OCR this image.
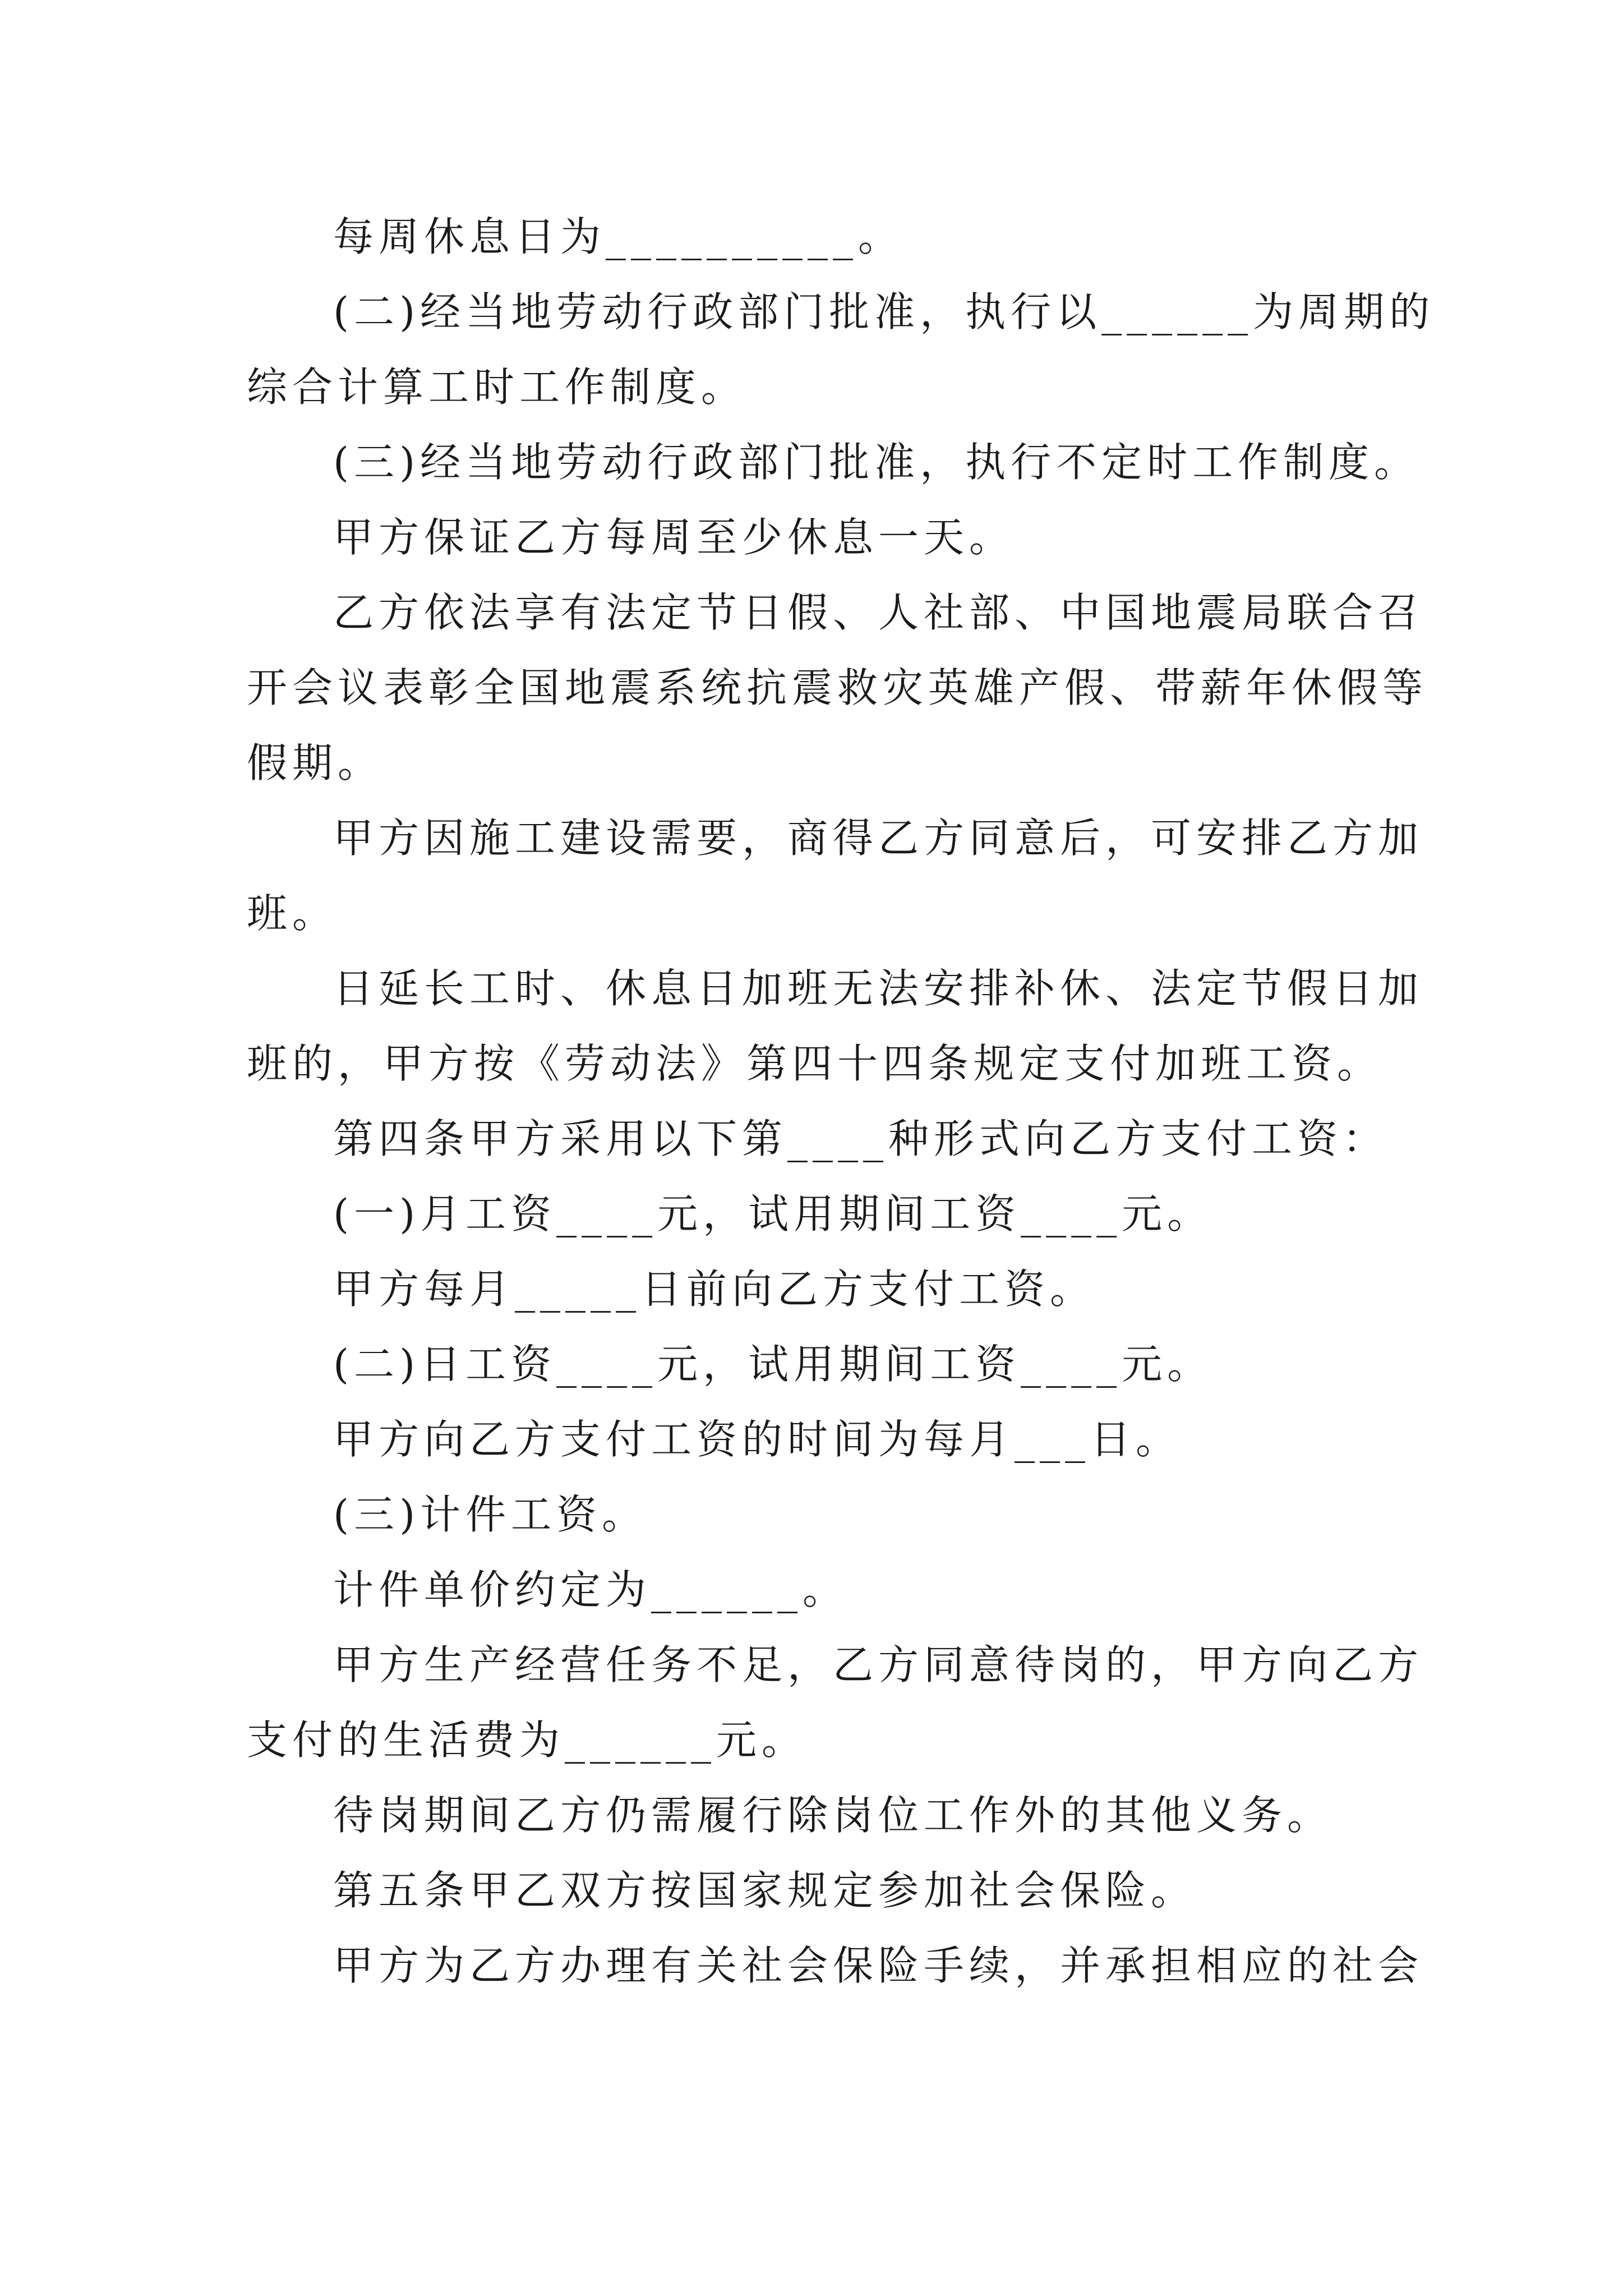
每周休息日为__________。
(二)经当地劳动行政部门批准，执行以______为周期的
综合计算工时工作制度。
(三)经当地劳动行政部门批准，执行不定时工作制度。
甲方保证乙方每周至少休息一天。
乙方依法享有法定节日假、人社部、中国地震局联合召
开会议表彰全国地震系统抗震救灾英雄产假、带薪年休假等
假期。
甲方因施工建设需要，商得乙方同意后，可安排乙方加
班。
日延长工时、休息日加班无法安排补休、法定节假日加
班的，甲方按《劳动法》第四十四条规定支付加班工资。
第四条甲方采用以下第____种形式向乙方支付工资：
(一)月工资____元，试用期间工资____元。
甲方每月_____日前向乙方支付工资。
(二)日工资____元，试用期间工资____元。
甲方向乙方支付工资的时间为每月___日。
(三)计件工资。
计件单价约定为______。
甲方生产经营任务不足，乙方同意待岗的，甲方向乙方
支付的生活费为______元。
待岗期间乙方仍需履行除岗位工作外的其他义务。
第五条甲乙双方按国家规定参加社会保险。
甲方为乙方办理有关社会保险手续，并承担相应的社会
